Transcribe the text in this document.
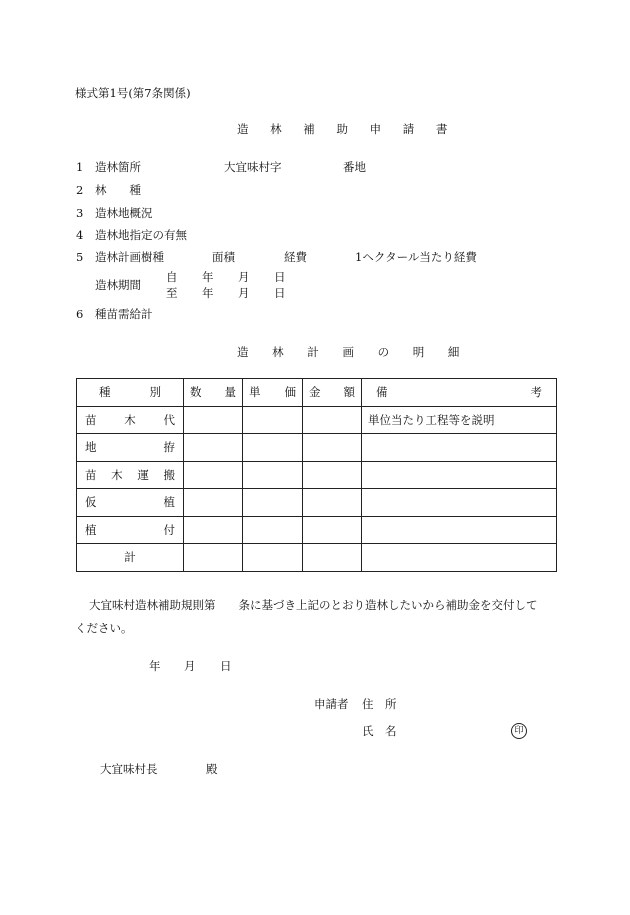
様式第1号(第7条関係)
造 林 補 助 申 請 書
1 造林箇所	大宜味村字	番地
2 林　　種
3 造林地概況
4 造林地指定の有無
5 造林計画樹種	面積	経費	1ヘクタール当たり経費
造林期間
自 年 月 日
至 年 月 日
6 種苗需給計
造 林 計 画 の 明 細
種 別	数 量	単 価	金 額	備 考

苗 木 代				単位当たり工程等を説明

地 拵				

苗 木 運 搬				

仮 植				

植 付				

計				
大宜味村造林補助規則第　　条に基づき上記のとおり造林したいから補助金を交付して
ください。
年 月 日
申請者 住　所
氏　名	印
大宜味村長	殿
